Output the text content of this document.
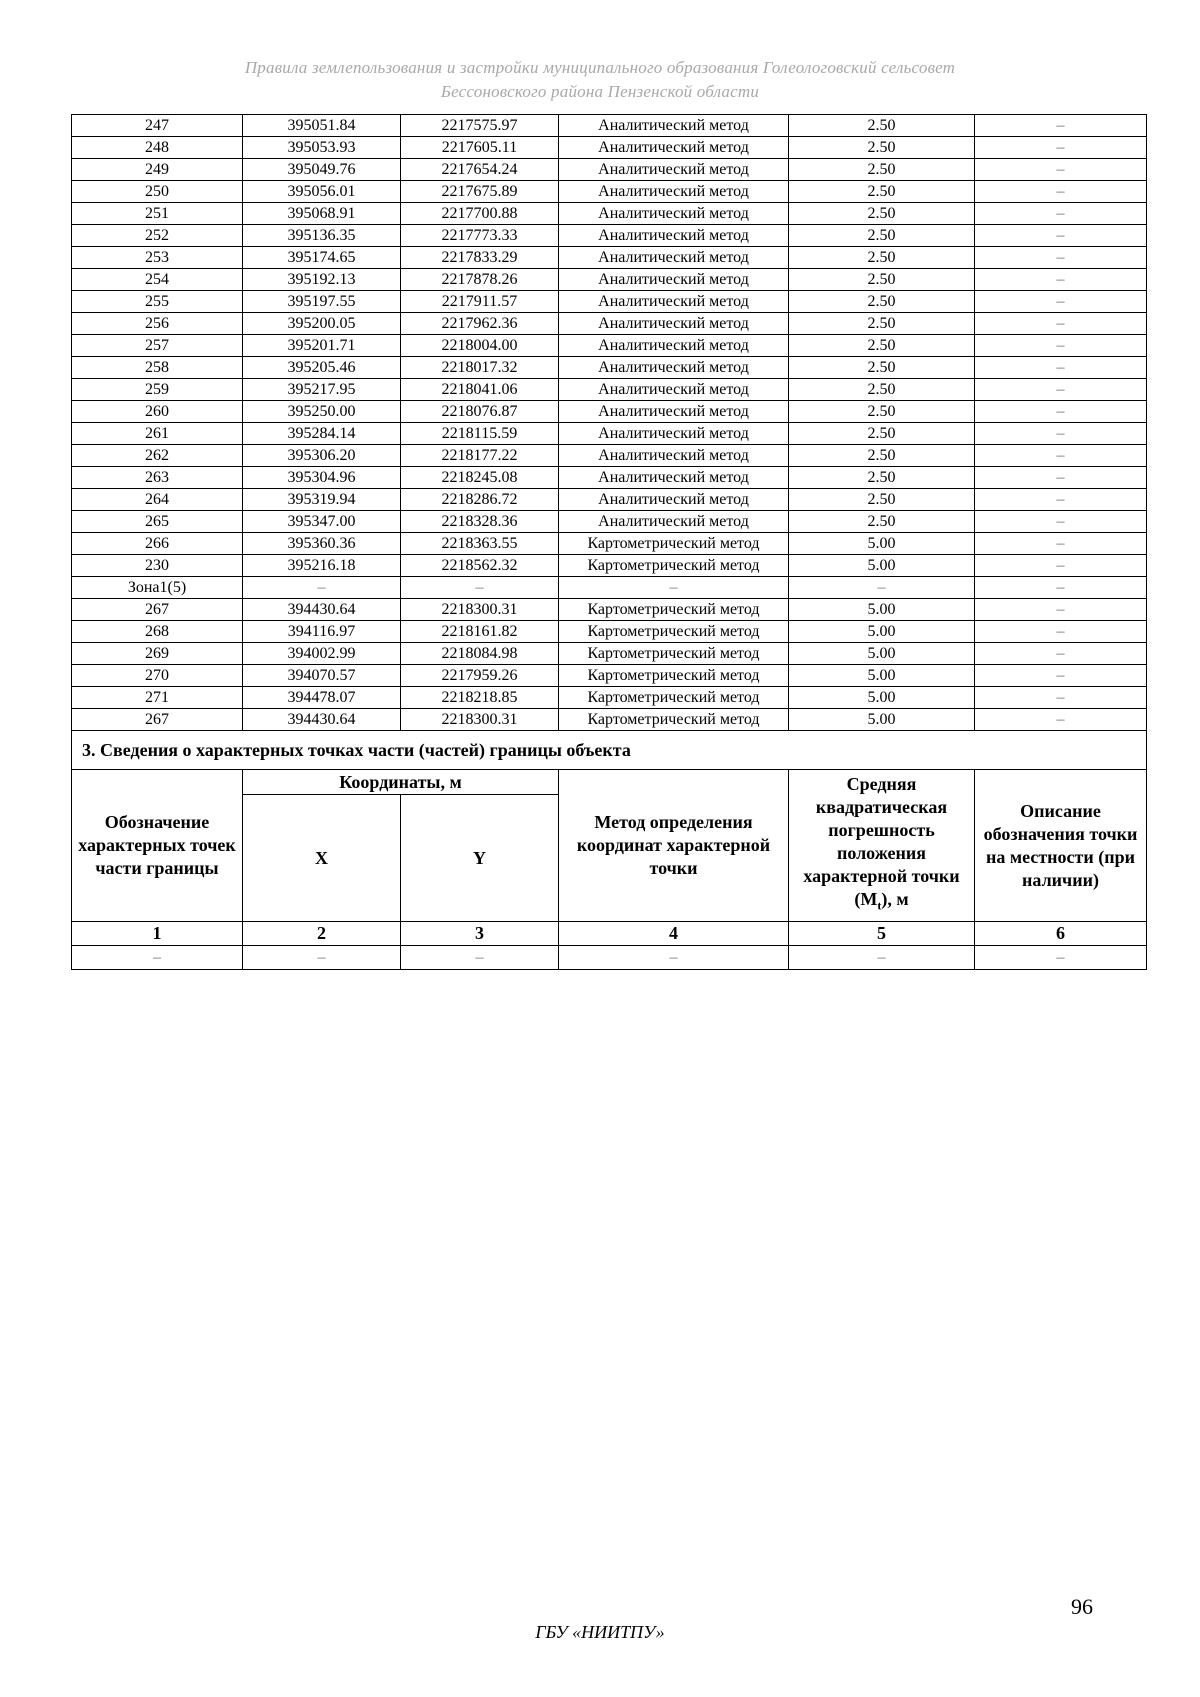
Правила землепользования и застройки муниципального образования Голеологовский сельсовет
Бессоновского района Пензенской области
247	395051.84	2217575.97	Аналитический метод	2.50	–
248	395053.93	2217605.11	Аналитический метод	2.50	–
249	395049.76	2217654.24	Аналитический метод	2.50	–
250	395056.01	2217675.89	Аналитический метод	2.50	–
251	395068.91	2217700.88	Аналитический метод	2.50	–
252	395136.35	2217773.33	Аналитический метод	2.50	–
253	395174.65	2217833.29	Аналитический метод	2.50	–
254	395192.13	2217878.26	Аналитический метод	2.50	–
255	395197.55	2217911.57	Аналитический метод	2.50	–
256	395200.05	2217962.36	Аналитический метод	2.50	–
257	395201.71	2218004.00	Аналитический метод	2.50	–
258	395205.46	2218017.32	Аналитический метод	2.50	–
259	395217.95	2218041.06	Аналитический метод	2.50	–
260	395250.00	2218076.87	Аналитический метод	2.50	–
261	395284.14	2218115.59	Аналитический метод	2.50	–
262	395306.20	2218177.22	Аналитический метод	2.50	–
263	395304.96	2218245.08	Аналитический метод	2.50	–
264	395319.94	2218286.72	Аналитический метод	2.50	–
265	395347.00	2218328.36	Аналитический метод	2.50	–
266	395360.36	2218363.55	Картометрический метод	5.00	–
230	395216.18	2218562.32	Картометрический метод	5.00	–
Зона1(5)	–	–	–	–	–
267	394430.64	2218300.31	Картометрический метод	5.00	–
268	394116.97	2218161.82	Картометрический метод	5.00	–
269	394002.99	2218084.98	Картометрический метод	5.00	–
270	394070.57	2217959.26	Картометрический метод	5.00	–
271	394478.07	2218218.85	Картометрический метод	5.00	–
267	394430.64	2218300.31	Картометрический метод	5.00	–
3. Сведения о характерных точках части (частей) границы объекта					
Обозначение характерных точек части границы	Координаты, м		Метод определения координат характерной точки	Средняя квадратическая погрешность положения характерной точки $(М_t)$, м	Описание обозначения точки на местности (при наличии)
	X	Y			
1	2	3	4	5	6
–	–	–	–	–	–
96
ГБУ «НИИТПУ»
